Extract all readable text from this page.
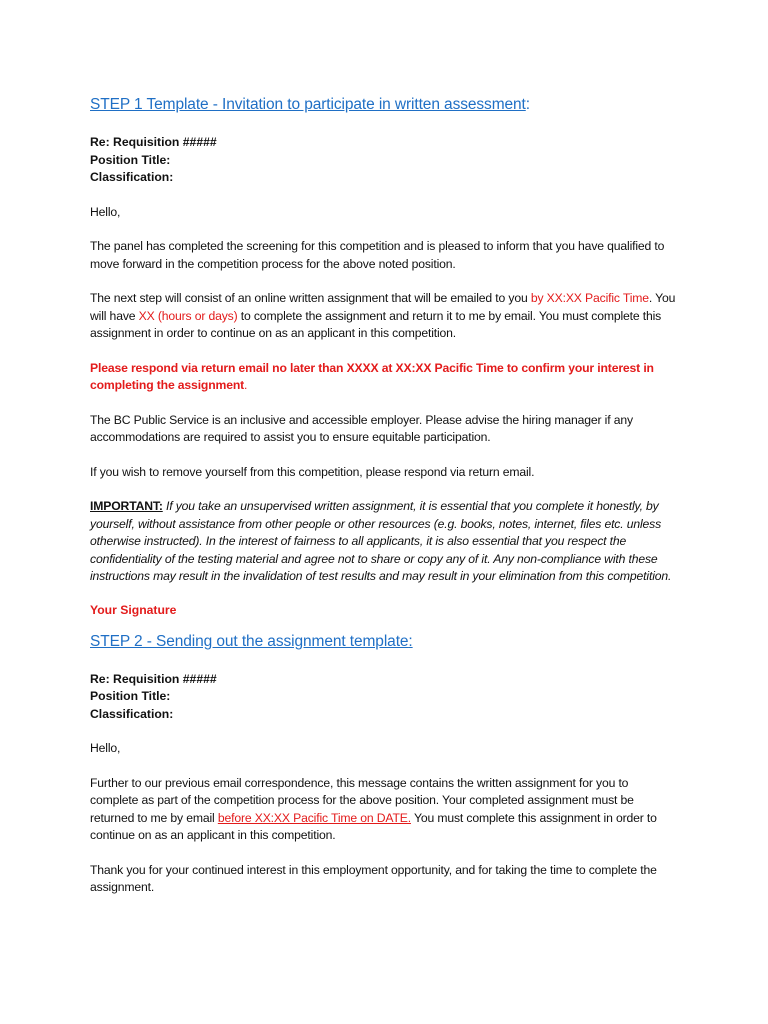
STEP 1 Template - Invitation to participate in written assessment:
Re: Requisition #####
Position Title:
Classification:

Hello,

The panel has completed the screening for this competition and is pleased to inform that you have qualified to move forward in the competition process for the above noted position.

The next step will consist of an online written assignment that will be emailed to you by XX:XX Pacific Time. You will have XX (hours or days) to complete the assignment and return it to me by email. You must complete this assignment in order to continue on as an applicant in this competition.

Please respond via return email no later than XXXX at XX:XX Pacific Time to confirm your interest in completing the assignment.

The BC Public Service is an inclusive and accessible employer. Please advise the hiring manager if any accommodations are required to assist you to ensure equitable participation.

If you wish to remove yourself from this competition, please respond via return email.

IMPORTANT: If you take an unsupervised written assignment, it is essential that you complete it honestly, by yourself, without assistance from other people or other resources (e.g. books, notes, internet, files etc. unless otherwise instructed). In the interest of fairness to all applicants, it is also essential that you respect the confidentiality of the testing material and agree not to share or copy any of it. Any non-compliance with these instructions may result in the invalidation of test results and may result in your elimination from this competition.

Your Signature
STEP 2 - Sending out the assignment template:
Re: Requisition #####
Position Title:
Classification:

Hello,

Further to our previous email correspondence, this message contains the written assignment for you to complete as part of the competition process for the above position. Your completed assignment must be returned to me by email before XX:XX Pacific Time on DATE. You must complete this assignment in order to continue on as an applicant in this competition.

Thank you for your continued interest in this employment opportunity, and for taking the time to complete the assignment.
